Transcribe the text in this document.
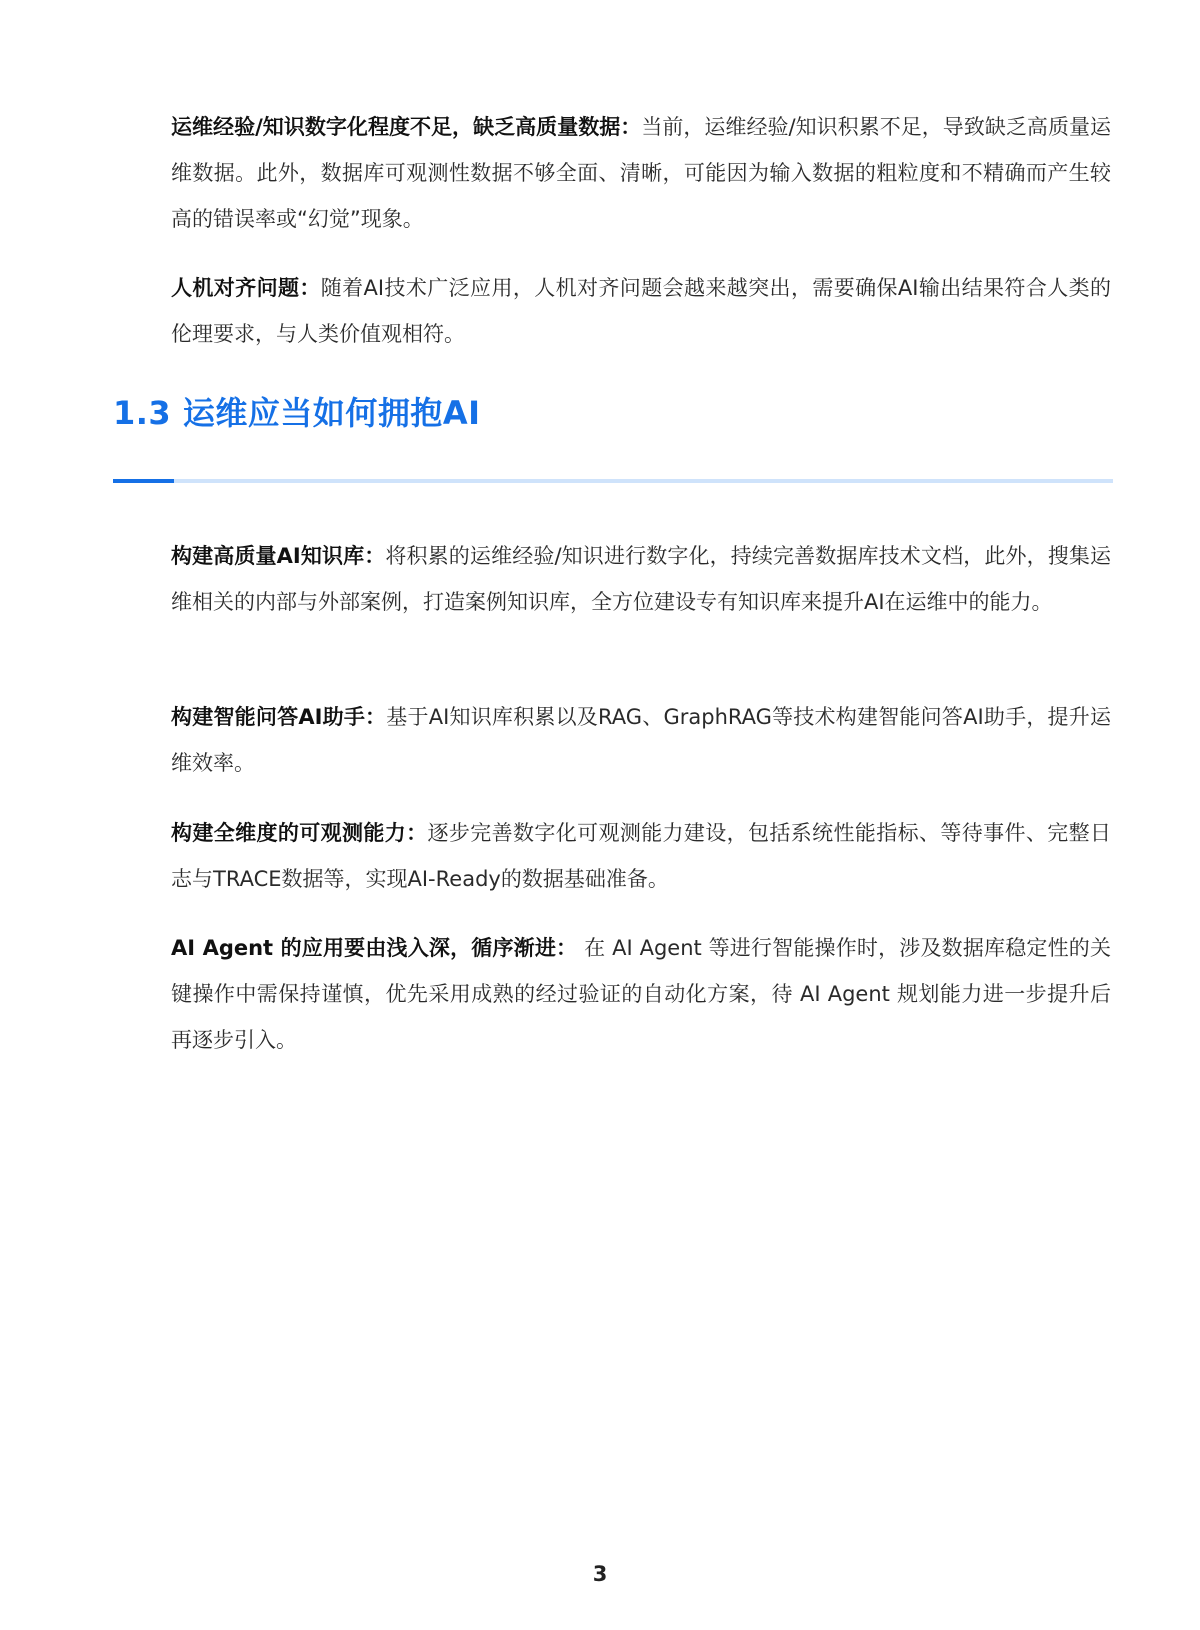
运维经验/知识数字化程度不足，缺乏高质量数据：当前，运维经验/知识积累不足，导致缺乏高质量运维数据。此外，数据库可观测性数据不够全面、清晰，可能因为输入数据的粗粒度和不精确而产生较高的错误率或“幻觉”现象。

人机对齐问题：随着AI技术广泛应用，人机对齐问题会越来越突出，需要确保AI输出结果符合人类的伦理要求，与人类价值观相符。

1.3 运维应当如何拥抱AI

构建高质量AI知识库：将积累的运维经验/知识进行数字化，持续完善数据库技术文档，此外，搜集运维相关的内部与外部案例，打造案例知识库，全方位建设专有知识库来提升AI在运维中的能力。

构建智能问答AI助手：基于AI知识库积累以及RAG、GraphRAG等技术构建智能问答AI助手，提升运维效率。

构建全维度的可观测能力：逐步完善数字化可观测能力建设，包括系统性能指标、等待事件、完整日志与TRACE数据等，实现AI-Ready的数据基础准备。

AI Agent 的应用要由浅入深，循序渐进： 在 AI Agent 等进行智能操作时，涉及数据库稳定性的关键操作中需保持谨慎，优先采用成熟的经过验证的自动化方案，待 AI Agent 规划能力进一步提升后再逐步引入。

3
